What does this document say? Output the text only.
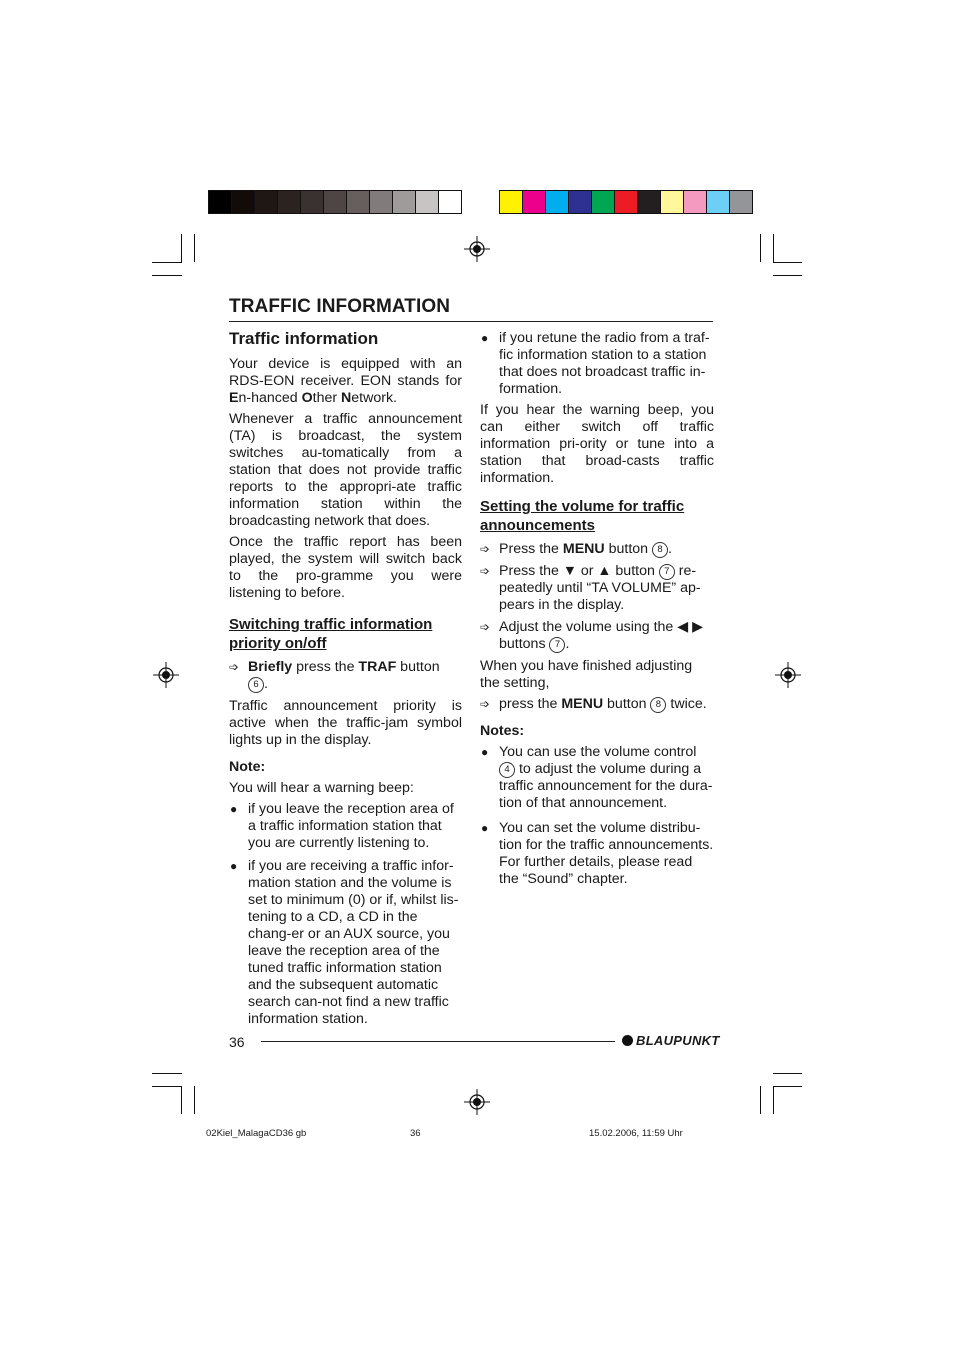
TRAFFIC INFORMATION
Traffic information

Your device is equipped with an RDS-EON receiver. EON stands for En-hanced Other Network.

Whenever a traffic announcement (TA) is broadcast, the system switches au-tomatically from a station that does not provide traffic reports to the appropri-ate traffic information station within the broadcasting network that does.

Once the traffic report has been played, the system will switch back to the pro-gramme you were listening to before.

Switching traffic information priority on/off
➩ Briefly press the TRAF button
6 .

Traffic announcement priority is active when the traffic-jam symbol lights up in the display.

Note:

You will hear a warning beep:

● if you leave the reception area of a traffic information station that you are currently listening to.
● if you are receiving a traffic infor-mation station and the volume is set to minimum (0) or if, whilst lis-tening to a CD, a CD in the chang-er or an AUX source, you leave the reception area of the tuned traffic information station and the subsequent automatic search can-not find a new traffic information station.
● if you retune the radio from a traf-fic information station to a station that does not broadcast traffic in-formation.

If you hear the warning beep, you can either switch off traffic information pri-ority or tune into a station that broad-casts traffic information.

Setting the volume for traffic announcements
➩ Press the MENU button 8 .
➩ Press the ▼ or ▲ button 7 re-peatedly until “TA VOLUME” ap-pears in the display.
➩ Adjust the volume using the ◀ ▶
buttons 7 .

When you have finished adjusting the setting,

➩ press the MENU button 8 twice.

Notes:

● You can use the volume control 4 to adjust the volume during a traffic announcement for the dura-tion of that announcement.
● You can set the volume distribu-tion for the traffic announcements. For further details, please read the “Sound” chapter.
36	BLAUPUNKT
02Kiel_MalagaCD36 gb	36	15.02.2006, 11:59 Uhr
